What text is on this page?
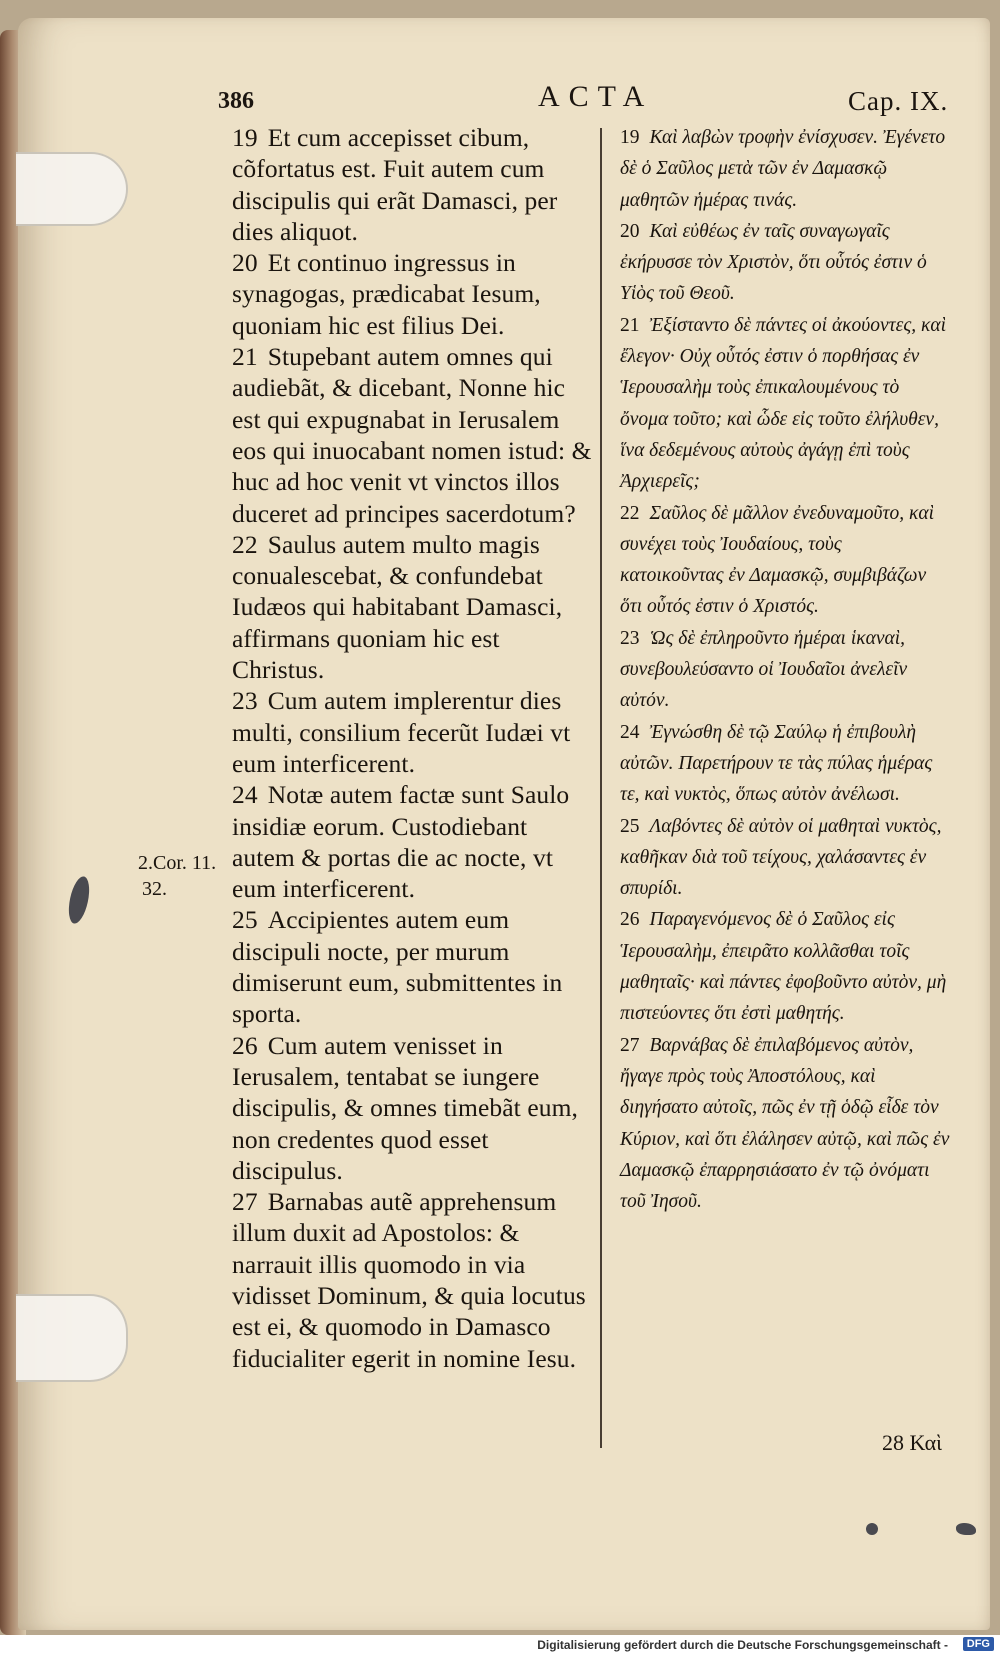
386	ACTA	Cap. IX.
2.Cor. 11.
32.

19 Et cum accepisset cibum, cõfortatus est. Fuit autem cum discipulis qui erãt Damasci, per dies aliquot.

20 Et continuo ingressus in synagogas, prædicabat Iesum, quoniam hic est filius Dei.

21 Stupebant autem omnes qui audiebãt, & dicebant, Nonne hic est qui expugnabat in Ierusalem eos qui inuocabant nomen istud: & huc ad hoc venit vt vinctos illos duceret ad principes sacerdotum?

22 Saulus autem multo magis conualescebat, & confundebat Iudæos qui habitabant Damasci, affirmans quoniam hic est Christus.

23 Cum autem implerentur dies multi, consilium fecerũt Iudæi vt eum interficerent.

24 Notæ autem factæ sunt Saulo insidiæ eorum. Custodiebant autem & portas die ac nocte, vt eum interficerent.

25 Accipientes autem eum discipuli nocte, per murum dimiserunt eum, submittentes in sporta.

26 Cum autem venisset in Ierusalem, tentabat se iungere discipulis, & omnes timebãt eum, non credentes quod esset discipulus.

27 Barnabas autẽ apprehensum illum duxit ad Apostolos: & narrauit illis quomodo in via vidisset Dominum, & quia locutus est ei, & quomodo in Damasco fiducialiter egerit in nomine Iesu.

19 Καὶ λαβὼν τροφὴν ἐνίσχυσεν. Ἐγένετο δὲ ὁ Σαῦλος μετὰ τῶν ἐν Δαμασκῷ μαθητῶν ἡμέρας τινάς.

20 Καὶ εὐθέως ἐν ταῖς συναγωγαῖς ἐκήρυσσε τὸν Χριστὸν, ὅτι οὗτός ἐστιν ὁ Υἱὸς τοῦ Θεοῦ.

21 Ἐξίσταντο δὲ πάντες οἱ ἀκούοντες, καὶ ἔλεγον· Οὐχ οὗτός ἐστιν ὁ πορθήσας ἐν Ἱερουσαλὴμ τοὺς ἐπικαλουμένους τὸ ὄνομα τοῦτο; καὶ ὧδε εἰς τοῦτο ἐλήλυθεν, ἵνα δεδεμένους αὐτοὺς ἀγάγῃ ἐπὶ τοὺς Ἀρχιερεῖς;

22 Σαῦλος δὲ μᾶλλον ἐνεδυναμοῦτο, καὶ συνέχει τοὺς Ἰουδαίους, τοὺς κατοικοῦντας ἐν Δαμασκῷ, συμβιβάζων ὅτι οὗτός ἐστιν ὁ Χριστός.

23 Ὡς δὲ ἐπληροῦντο ἡμέραι ἱκαναὶ, συνεβουλεύσαντο οἱ Ἰουδαῖοι ἀνελεῖν αὐτόν.

24 Ἐγνώσθη δὲ τῷ Σαύλῳ ἡ ἐπιβουλὴ αὐτῶν. Παρετήρουν τε τὰς πύλας ἡμέρας τε, καὶ νυκτὸς, ὅπως αὐτὸν ἀνέλωσι.

25 Λαβόντες δὲ αὐτὸν οἱ μαθηταὶ νυκτὸς, καθῆκαν διὰ τοῦ τείχους, χαλάσαντες ἐν σπυρίδι.

26 Παραγενόμενος δὲ ὁ Σαῦλος εἰς Ἱερουσαλὴμ, ἐπειρᾶτο κολλᾶσθαι τοῖς μαθηταῖς· καὶ πάντες ἐφοβοῦντο αὐτὸν, μὴ πιστεύοντες ὅτι ἐστὶ μαθητής.

27 Βαρνάβας δὲ ἐπιλαβόμενος αὐτὸν, ἤγαγε πρὸς τοὺς Ἀποστόλους, καὶ διηγήσατο αὐτοῖς, πῶς ἐν τῇ ὁδῷ εἶδε τὸν Κύριον, καὶ ὅτι ἐλάλησεν αὐτῷ, καὶ πῶς ἐν Δαμασκῷ ἐπαρρησιάσατο ἐν τῷ ὀνόματι τοῦ Ἰησοῦ.

28 Καὶ
Digitalisierung gefördert durch die Deutsche Forschungsgemeinschaft -	DFG
